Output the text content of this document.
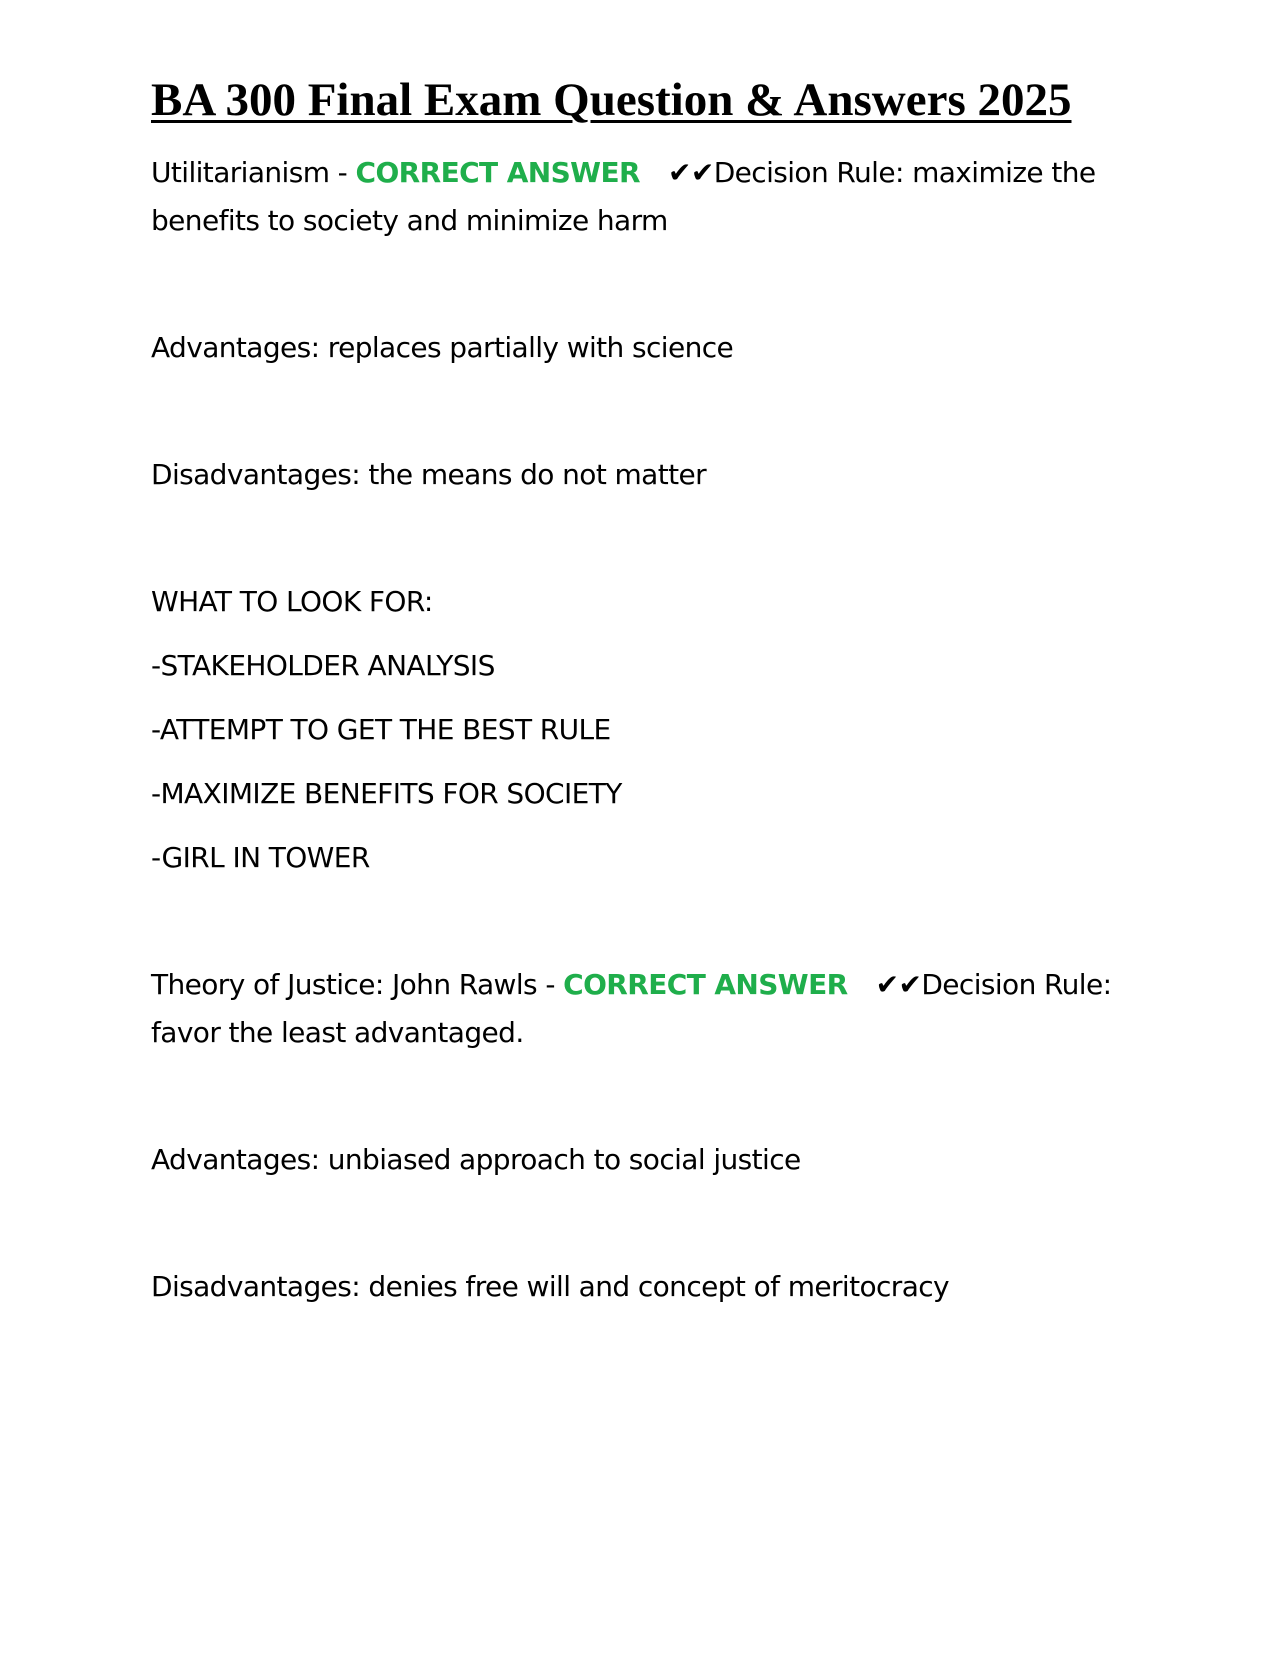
BA 300 Final Exam Question & Answers 2025

Utilitarianism - CORRECT ANSWER ✔✔Decision Rule: maximize the benefits to society and minimize harm

Advantages: replaces partially with science

Disadvantages: the means do not matter

WHAT TO LOOK FOR:

-STAKEHOLDER ANALYSIS

-ATTEMPT TO GET THE BEST RULE

-MAXIMIZE BENEFITS FOR SOCIETY

-GIRL IN TOWER

Theory of Justice: John Rawls - CORRECT ANSWER ✔✔Decision Rule: favor the least advantaged.

Advantages: unbiased approach to social justice

Disadvantages: denies free will and concept of meritocracy
